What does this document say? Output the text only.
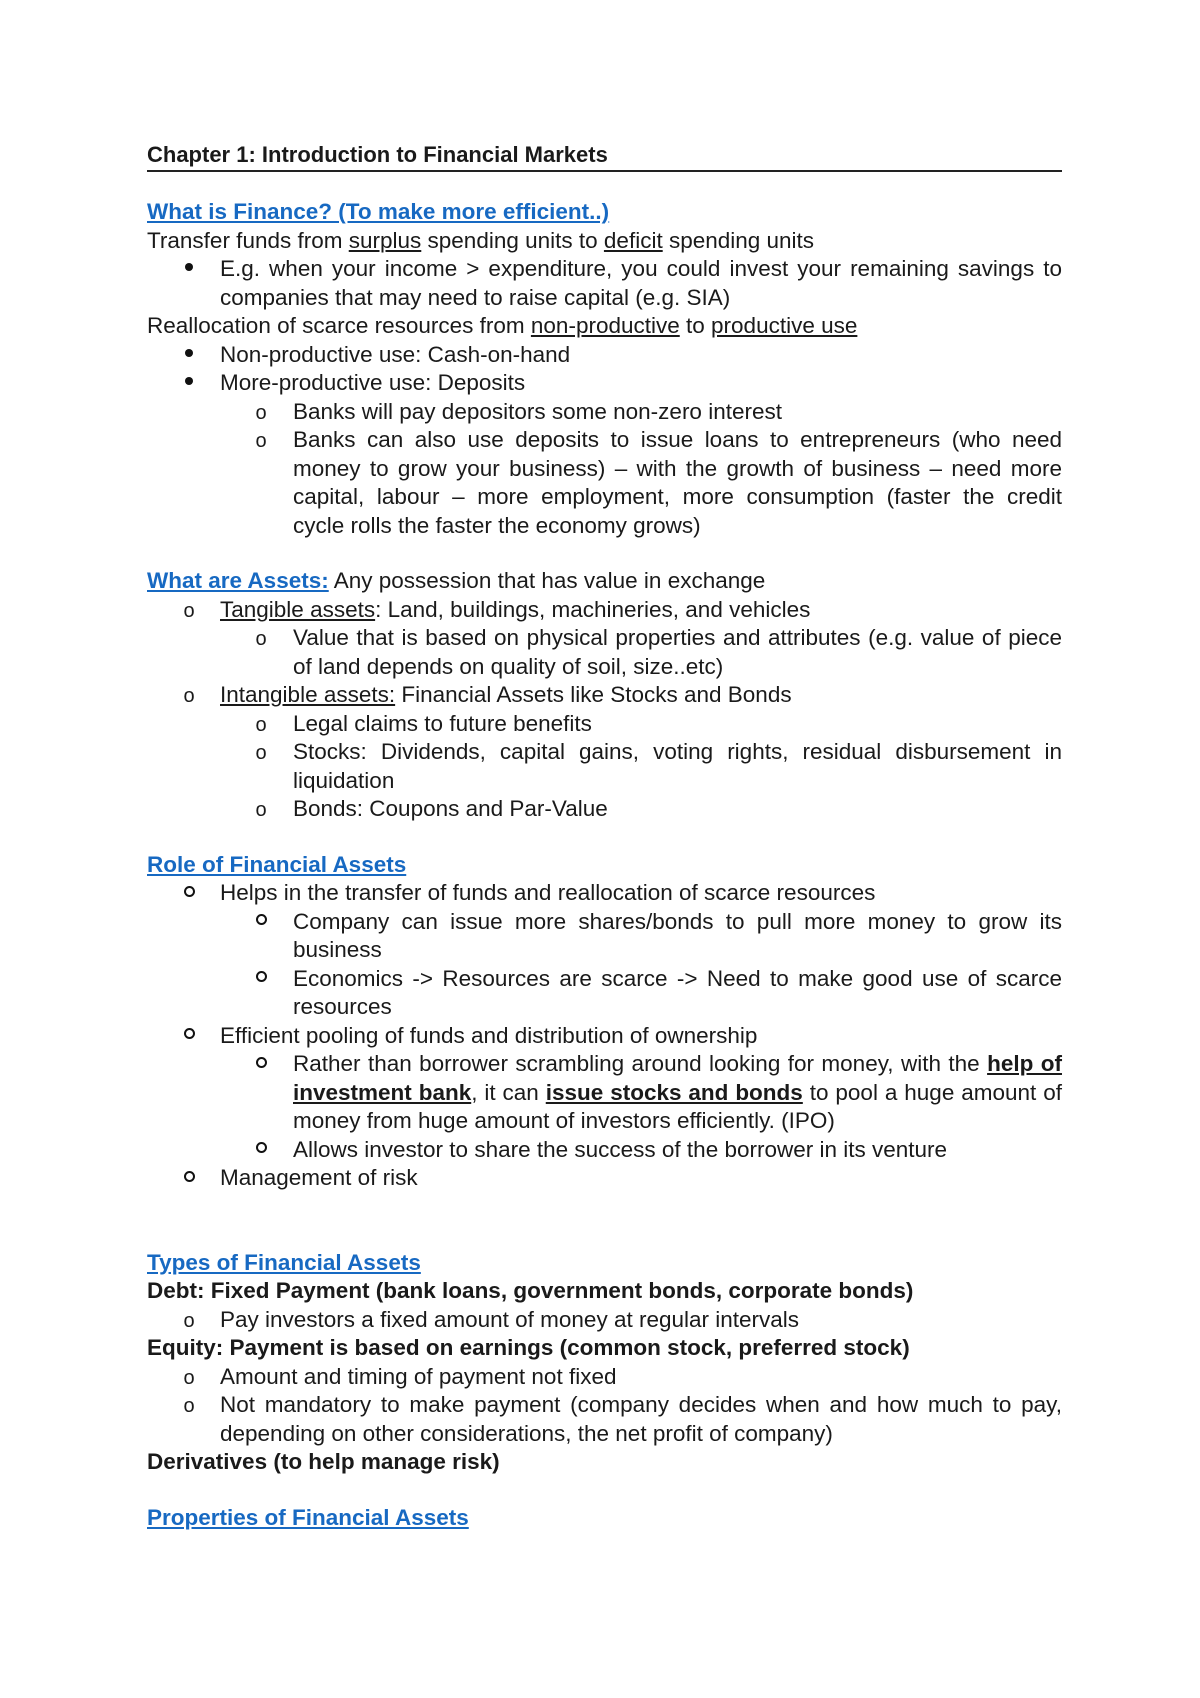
Chapter 1: Introduction to Financial Markets
What is Finance? (To make more efficient..)
Transfer funds from surplus spending units to deficit spending units
E.g. when your income > expenditure, you could invest your remaining savings to companies that may need to raise capital (e.g. SIA)
Reallocation of scarce resources from non-productive to productive use
Non-productive use: Cash-on-hand
More-productive use: Deposits
o
Banks will pay depositors some non-zero interest
o
Banks can also use deposits to issue loans to entrepreneurs (who need money to grow your business) – with the growth of business – need more capital, labour – more employment, more consumption (faster the credit cycle rolls the faster the economy grows)
What are Assets: Any possession that has value in exchange
o
Tangible assets: Land, buildings, machineries, and vehicles
o
Value that is based on physical properties and attributes (e.g. value of piece of land depends on quality of soil, size..etc)
o
Intangible assets: Financial Assets like Stocks and Bonds
o
Legal claims to future benefits
o
Stocks: Dividends, capital gains, voting rights, residual disbursement in liquidation
o
Bonds: Coupons and Par-Value
Role of Financial Assets
Helps in the transfer of funds and reallocation of scarce resources
Company can issue more shares/bonds to pull more money to grow its business
Economics -> Resources are scarce -> Need to make good use of scarce resources
Efficient pooling of funds and distribution of ownership
Rather than borrower scrambling around looking for money, with the help of investment bank, it can issue stocks and bonds to pool a huge amount of money from huge amount of investors efficiently. (IPO)
Allows investor to share the success of the borrower in its venture
Management of risk
Types of Financial Assets
Debt: Fixed Payment (bank loans, government bonds, corporate bonds)
o
Pay investors a fixed amount of money at regular intervals
Equity: Payment is based on earnings (common stock, preferred stock)
o
Amount and timing of payment not fixed
o
Not mandatory to make payment (company decides when and how much to pay, depending on other considerations, the net profit of company)
Derivatives (to help manage risk)
Properties of Financial Assets
